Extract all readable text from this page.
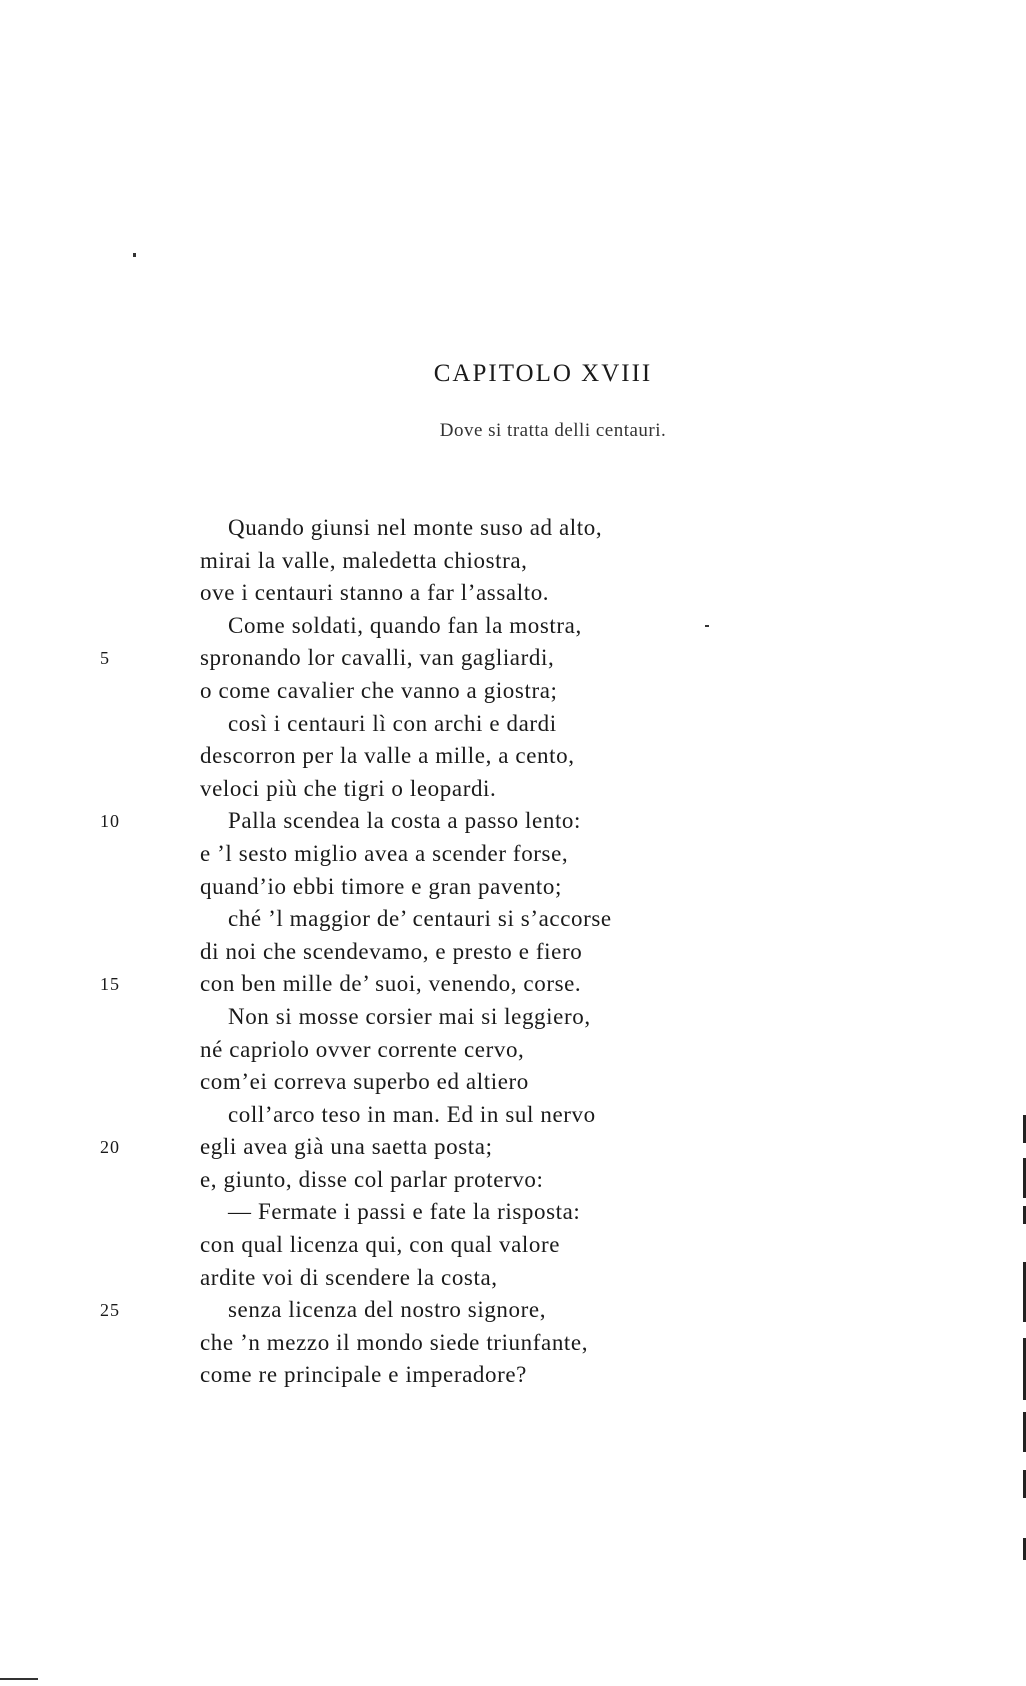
CAPITOLO XVIII
Dove si tratta delli centauri.
Quando giunsi nel monte suso ad alto,
mirai la valle, maledetta chiostra,
ove i centauri stanno a far l’assalto.
Come soldati, quando fan la mostra,
5	spronando lor cavalli, van gagliardi,
o come cavalier che vanno a giostra;
così i centauri lì con archi e dardi
descorron per la valle a mille, a cento,
veloci più che tigri o leopardi.
10	Palla scendea la costa a passo lento:
e ’l sesto miglio avea a scender forse,
quand’io ebbi timore e gran pavento;
ché ’l maggior de’ centauri si s’accorse
di noi che scendevamo, e presto e fiero
15	con ben mille de’ suoi, venendo, corse.
Non si mosse corsier mai si leggiero,
né capriolo ovver corrente cervo,
com’ei correva superbo ed altiero
coll’arco teso in man. Ed in sul nervo
20	egli avea già una saetta posta;
e, giunto, disse col parlar protervo:
— Fermate i passi e fate la risposta:
con qual licenza qui, con qual valore
ardite voi di scendere la costa,
25	senza licenza del nostro signore,
che ’n mezzo il mondo siede triunfante,
come re principale e imperadore?
